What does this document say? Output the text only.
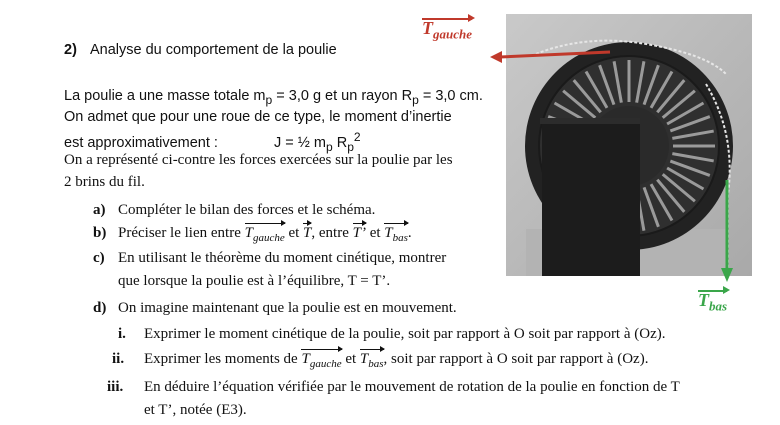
2) Analyse du comportement de la poulie
La poulie a une masse totale $m_p = 3,0$ g et un rayon $R_p = 3,0$ cm.
On admet que pour une roue de ce type, le moment d’inertie
est approximativement :	J = ½ $m_p$ $R_p^2$
On a représenté ci-contre les forces exercées sur la poulie par les
2 brins du fil.
a) Compléter le bilan des forces et le schéma.
b) Préciser le lien entre $T_{gauche}$ et T, entre T’ et $T_{bas}$.
c) En utilisant le théorème du moment cinétique, montrer
que lorsque la poulie est à l’équilibre, T = T’.
d) On imagine maintenant que la poulie est en mouvement.
i. Exprimer le moment cinétique de la poulie, soit par rapport à O soit par rapport à (Oz).
ii. Exprimer les moments de $T_{gauche}$ et $T_{bas}$, soit par rapport à O soit par rapport à (Oz).
iii. En déduire l’équation vérifiée par le mouvement de rotation de la poulie en fonction de T
et T’, notée (E3).
$T_{gauche}$
$T_{bas}$
